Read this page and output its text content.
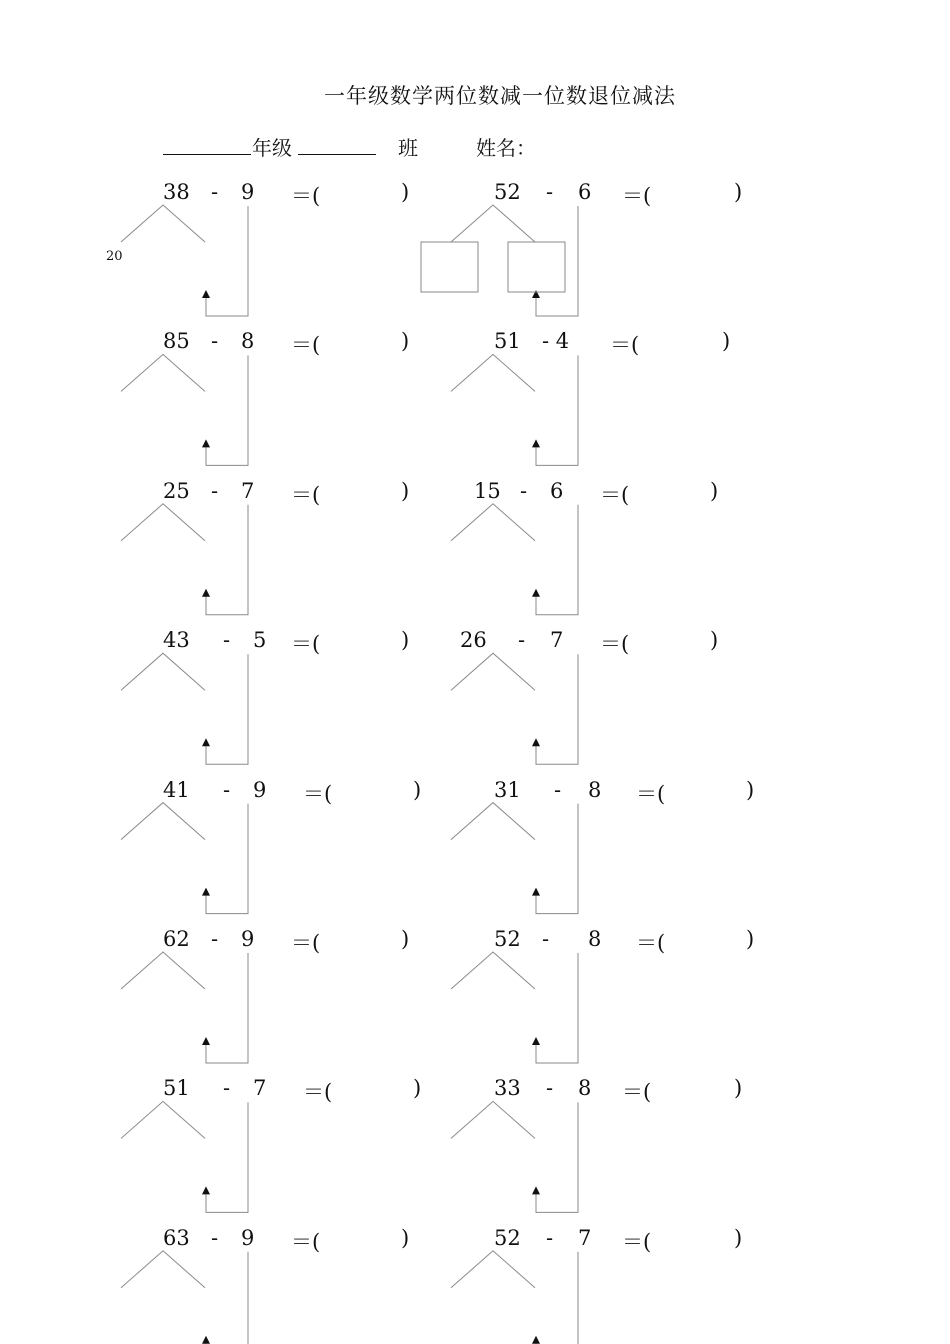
一年级数学两位数减一位数退位减法
年级	班	姓名：
20
38 - 9 ＝(	)	52 - 6 ＝(	)
85 - 8 ＝(	)	51 - 4 ＝(	)
25 - 7 ＝(	)	15 - 6 ＝(	)
43 - 5 ＝(	) 26 - 7 ＝(	)
41 - 9 ＝(	)	31 - 8 ＝(	)
62 - 9 ＝(	)	52 - 8 ＝(	)
51 - 7 ＝(	)	33 - 8 ＝(	)
63 - 9 ＝(	)	52 - 7 ＝(	)
